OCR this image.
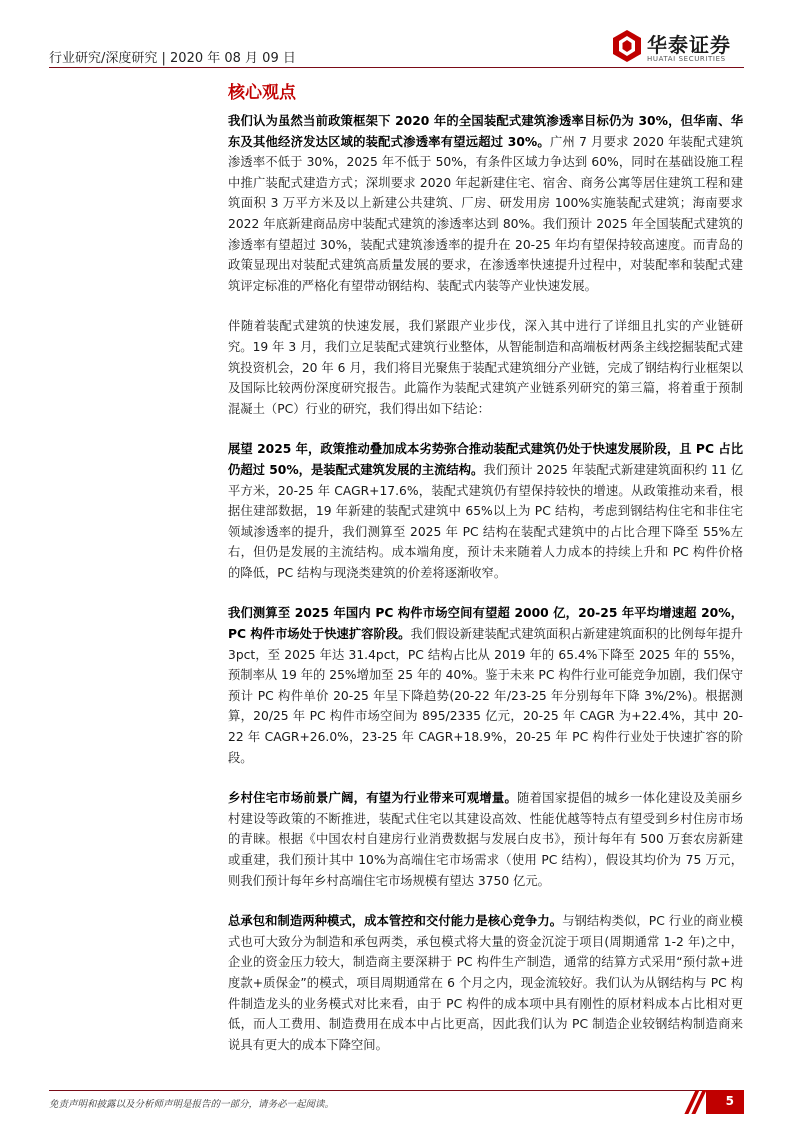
行业研究/深度研究 | 2020 年 08 月 09 日
华泰证券
HUATAI SECURITIES
核心观点

我们认为虽然当前政策框架下 2020 年的全国装配式建筑渗透率目标仍为 30%，但华南、华东及其他经济发达区域的装配式渗透率有望远超过 30%。广州 7 月要求 2020 年装配式建筑渗透率不低于 30%，2025 年不低于 50%，有条件区域力争达到 60%，同时在基础设施工程中推广装配式建造方式；深圳要求 2020 年起新建住宅、宿舍、商务公寓等居住建筑工程和建筑面积 3 万平方米及以上新建公共建筑、厂房、研发用房 100%实施装配式建筑；海南要求 2022 年底新建商品房中装配式建筑的渗透率达到 80%。我们预计 2025 年全国装配式建筑的渗透率有望超过 30%，装配式建筑渗透率的提升在 20-25 年均有望保持较高速度。而青岛的政策显现出对装配式建筑高质量发展的要求，在渗透率快速提升过程中，对装配率和装配式建筑评定标准的严格化有望带动钢结构、装配式内装等产业快速发展。

伴随着装配式建筑的快速发展，我们紧跟产业步伐，深入其中进行了详细且扎实的产业链研究。19 年 3 月，我们立足装配式建筑行业整体，从智能制造和高端板材两条主线挖掘装配式建筑投资机会，20 年 6 月，我们将目光聚焦于装配式建筑细分产业链，完成了钢结构行业框架以及国际比较两份深度研究报告。此篇作为装配式建筑产业链系列研究的第三篇，将着重于预制混凝土（PC）行业的研究，我们得出如下结论：

展望 2025 年，政策推动叠加成本劣势弥合推动装配式建筑仍处于快速发展阶段，且 PC 占比仍超过 50%，是装配式建筑发展的主流结构。我们预计 2025 年装配式新建建筑面积约 11 亿平方米，20-25 年 CAGR+17.6%，装配式建筑仍有望保持较快的增速。从政策推动来看，根据住建部数据，19 年新建的装配式建筑中 65%以上为 PC 结构，考虑到钢结构住宅和非住宅领域渗透率的提升，我们测算至 2025 年 PC 结构在装配式建筑中的占比合理下降至 55%左右，但仍是发展的主流结构。成本端角度，预计未来随着人力成本的持续上升和 PC 构件价格的降低，PC 结构与现浇类建筑的价差将逐渐收窄。

我们测算至 2025 年国内 PC 构件市场空间有望超 2000 亿，20-25 年平均增速超 20%，PC 构件市场处于快速扩容阶段。我们假设新建装配式建筑面积占新建建筑面积的比例每年提升 3pct，至 2025 年达 31.4pct，PC 结构占比从 2019 年的 65.4%下降至 2025 年的 55%，预制率从 19 年的 25%增加至 25 年的 40%。鉴于未来 PC 构件行业可能竞争加剧，我们保守预计 PC 构件单价 20-25 年呈下降趋势(20-22 年/23-25 年分别每年下降 3%/2%)。根据测算，20/25 年 PC 构件市场空间为 895/2335 亿元，20-25 年 CAGR 为+22.4%，其中 20-22 年 CAGR+26.0%，23-25 年 CAGR+18.9%，20-25 年 PC 构件行业处于快速扩容的阶段。

乡村住宅市场前景广阔，有望为行业带来可观增量。随着国家提倡的城乡一体化建设及美丽乡村建设等政策的不断推进，装配式住宅以其建设高效、性能优越等特点有望受到乡村住房市场的青睐。根据《中国农村自建房行业消费数据与发展白皮书》，预计每年有 500 万套农房新建或重建，我们预计其中 10%为高端住宅市场需求（使用 PC 结构），假设其均价为 75 万元，则我们预计每年乡村高端住宅市场规模有望达 3750 亿元。

总承包和制造两种模式，成本管控和交付能力是核心竞争力。与钢结构类似，PC 行业的商业模式也可大致分为制造和承包两类，承包模式将大量的资金沉淀于项目(周期通常 1-2 年)之中，企业的资金压力较大，制造商主要深耕于 PC 构件生产制造，通常的结算方式采用“预付款+进度款+质保金”的模式，项目周期通常在 6 个月之内，现金流较好。我们认为从钢结构与 PC 构件制造龙头的业务模式对比来看，由于 PC 构件的成本项中具有刚性的原材料成本占比相对更低，而人工费用、制造费用在成本中占比更高，因此我们认为 PC 制造企业较钢结构制造商来说具有更大的成本下降空间。

免责声明和披露以及分析师声明是报告的一部分，请务必一起阅读。	5
